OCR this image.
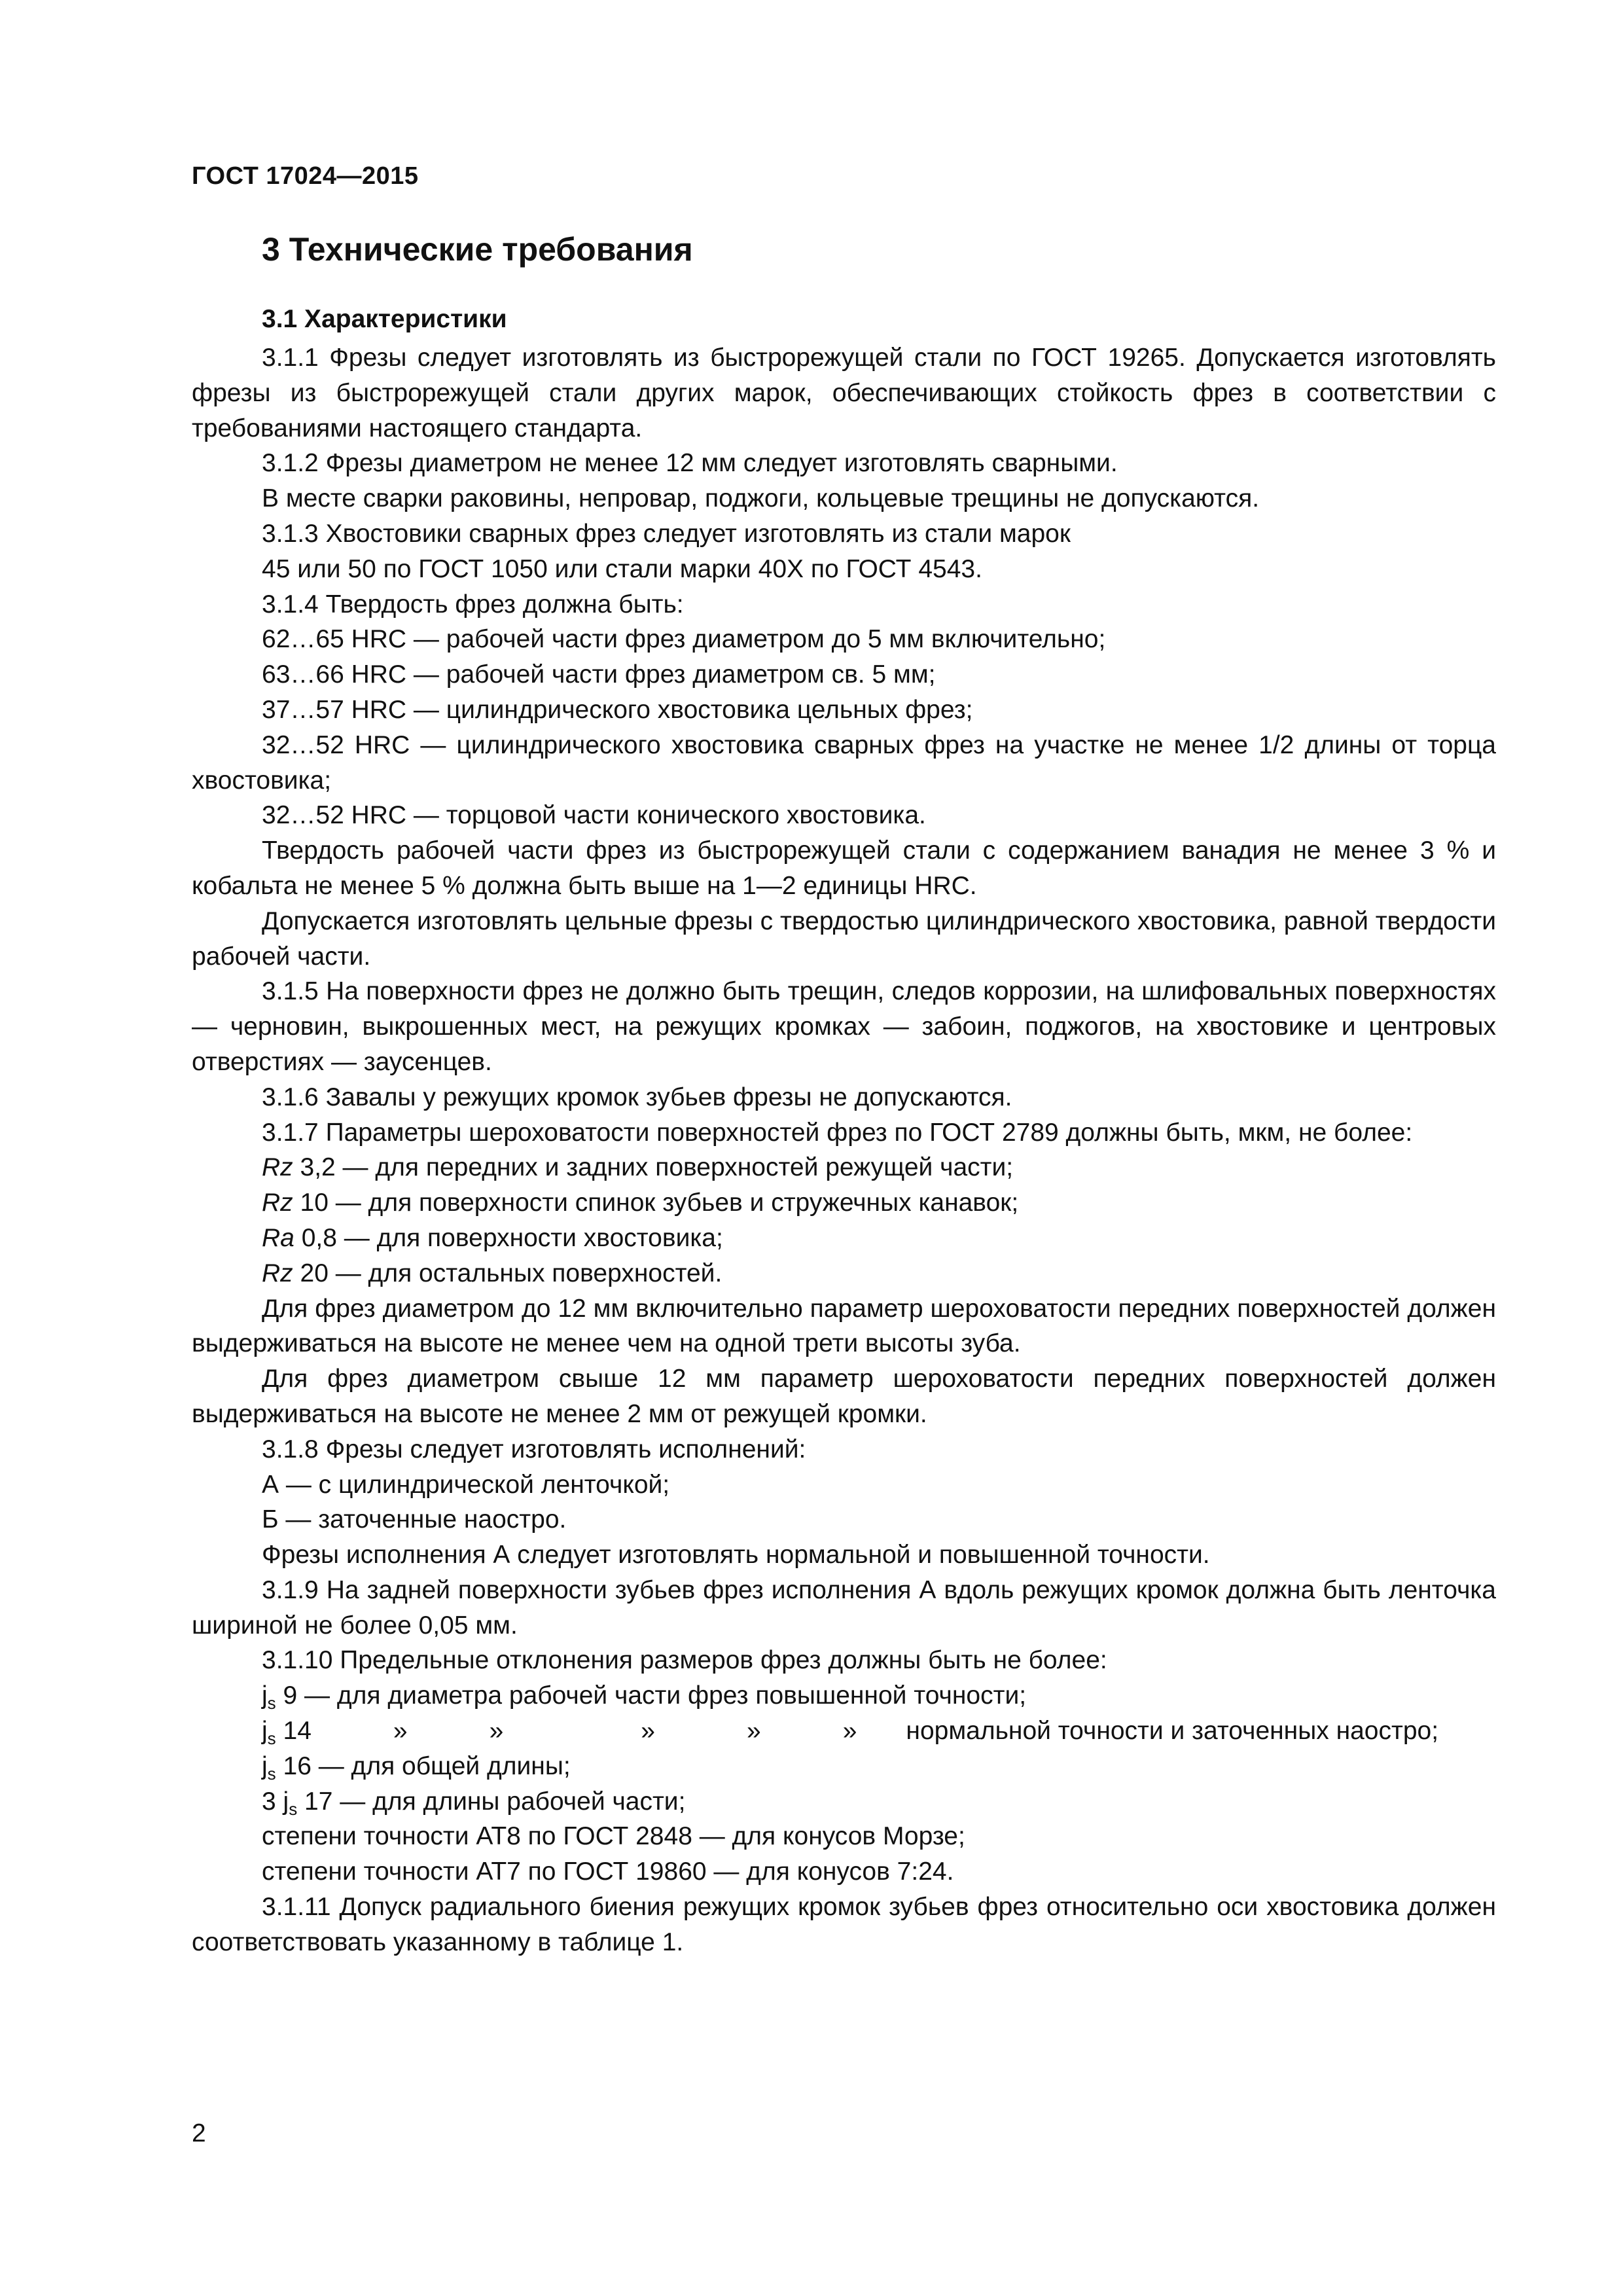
ГОСТ 17024—2015
3 Технические требования
3.1 Характеристики

3.1.1 Фрезы следует изготовлять из быстрорежущей стали по ГОСТ 19265. Допускается изготовлять фрезы из быстрорежущей стали других марок, обеспечивающих стойкость фрез в соответствии с требованиями настоящего стандарта.

3.1.2 Фрезы диаметром не менее 12 мм следует изготовлять сварными.

В месте сварки раковины, непровар, поджоги, кольцевые трещины не допускаются.

3.1.3 Хвостовики сварных фрез следует изготовлять из стали марок

45 или 50 по ГОСТ 1050 или стали марки 40Х по ГОСТ 4543.

3.1.4 Твердость фрез должна быть:

62…65 HRC — рабочей части фрез диаметром до 5 мм включительно;

63…66 HRC — рабочей части фрез диаметром св. 5 мм;

37…57 HRC — цилиндрического хвостовика цельных фрез;

32…52 HRC — цилиндрического хвостовика сварных фрез на участке не менее 1/2 длины от торца хвостовика;

32…52 HRC — торцовой части конического хвостовика.

Твердость рабочей части фрез из быстрорежущей стали с содержанием ванадия не менее 3 % и кобальта не менее 5 % должна быть выше на 1—2 единицы HRC.

Допускается изготовлять цельные фрезы с твердостью цилиндрического хвостовика, равной твердости рабочей части.

3.1.5 На поверхности фрез не должно быть трещин, следов коррозии, на шлифовальных поверхностях — черновин, выкрошенных мест, на режущих кромках — забоин, поджогов, на хвостовике и центровых отверстиях — заусенцев.

3.1.6 Завалы у режущих кромок зубьев фрезы не допускаются.

3.1.7 Параметры шероховатости поверхностей фрез по ГОСТ 2789 должны быть, мкм, не более:

Rz 3,2 — для передних и задних поверхностей режущей части;

Rz 10 — для поверхности спинок зубьев и стружечных канавок;

Ra 0,8 — для поверхности хвостовика;

Rz 20 — для остальных поверхностей.

Для фрез диаметром до 12 мм включительно параметр шероховатости передних поверхностей должен выдерживаться на высоте не менее чем на одной трети высоты зуба.

Для фрез диаметром свыше 12 мм параметр шероховатости передних поверхностей должен выдерживаться на высоте не менее 2 мм от режущей кромки.

3.1.8 Фрезы следует изготовлять исполнений:

А — с цилиндрической ленточкой;

Б — заточенные наостро.

Фрезы исполнения А следует изготовлять нормальной и повышенной точности.

3.1.9 На задней поверхности зубьев фрез исполнения А вдоль режущих кромок должна быть ленточка шириной не более 0,05 мм.

3.1.10 Предельные отклонения размеров фрез должны быть не более:

$j_s$ 9 — для диаметра рабочей части фрез повышенной точности;

$j_s$ 14	»	»	»	»	» нормальной точности и заточенных наостро;

$j_s$ 16 — для общей длины;

3 $j_s$ 17 — для длины рабочей части;

степени точности АТ8 по ГОСТ 2848 — для конусов Морзе;

степени точности АТ7 по ГОСТ 19860 — для конусов 7:24.

3.1.11 Допуск радиального биения режущих кромок зубьев фрез относительно оси хвостовика должен соответствовать указанному в таблице 1.

2
